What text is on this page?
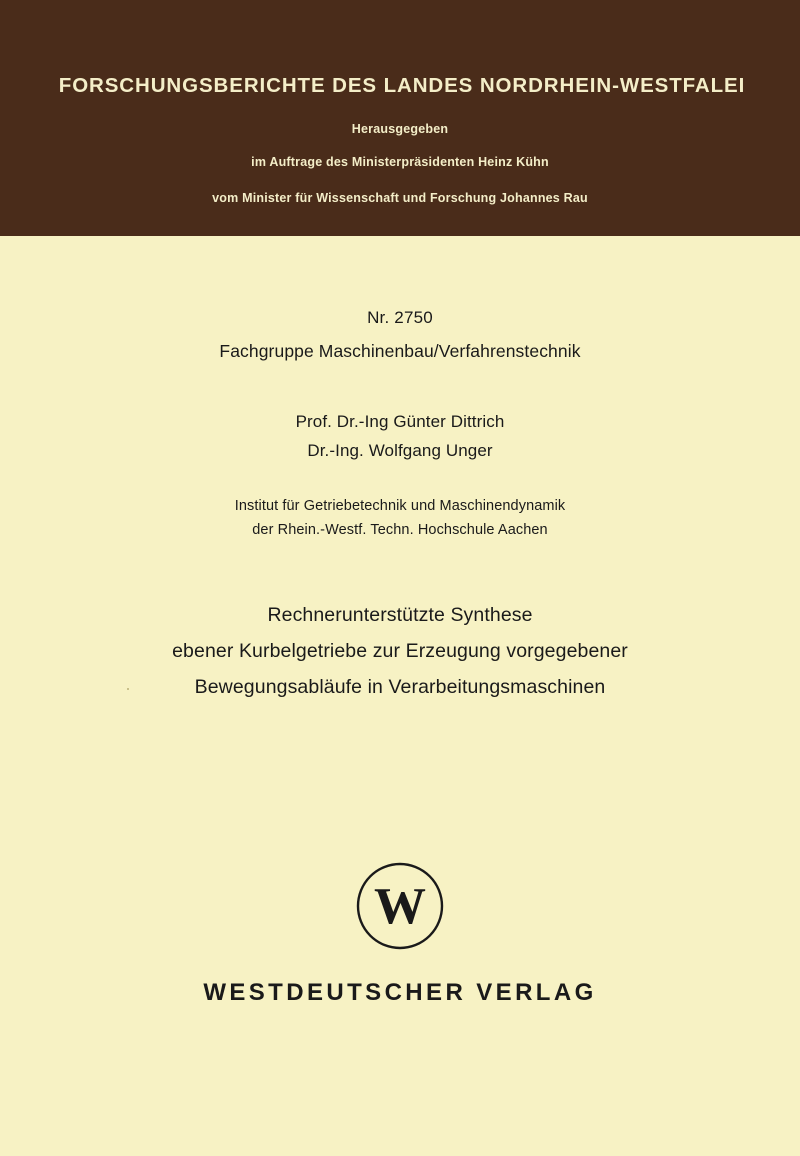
FORSCHUNGSBERICHTE DES LANDES NORDRHEIN-WESTFALEI
Herausgegeben
im Auftrage des Ministerpräsidenten Heinz Kühn
vom Minister für Wissenschaft und Forschung Johannes Rau
Nr. 2750
Fachgruppe Maschinenbau/Verfahrenstechnik
Prof. Dr.-Ing Günter Dittrich
Dr.-Ing. Wolfgang Unger
Institut für Getriebetechnik und Maschinendynamik
der Rhein.-Westf. Techn. Hochschule Aachen
Rechnerunterstützte Synthese
ebener Kurbelgetriebe zur Erzeugung vorgegebener
Bewegungsabläufe in Verarbeitungsmaschinen
W
WESTDEUTSCHER VERLAG
